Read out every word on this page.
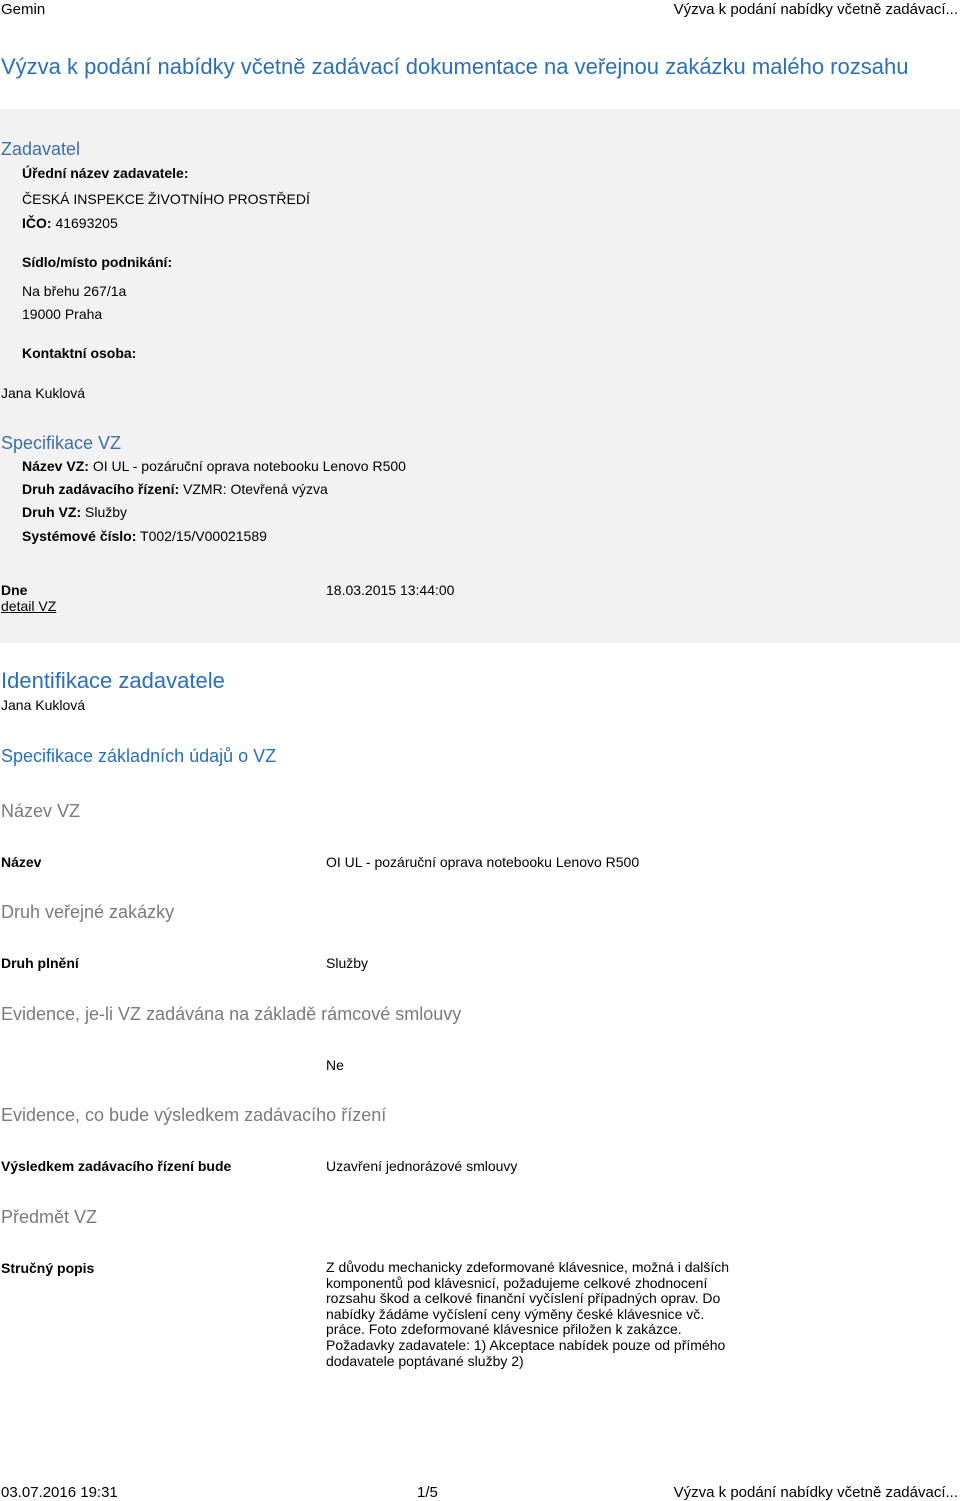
Gemin	Výzva k podání nabídky včetně zadávací...
Výzva k podání nabídky včetně zadávací dokumentace na veřejnou zakázku malého rozsahu
Zadavatel
Úřední název zadavatele:
ČESKÁ INSPEKCE ŽIVOTNÍHO PROSTŘEDÍ
IČO: 41693205
Sídlo/místo podnikání:
Na břehu 267/1a
19000 Praha
Kontaktní osoba:
Jana Kuklová
Specifikace VZ
Název VZ: OI UL - pozáruční oprava notebooku Lenovo R500
Druh zadávacího řízení: VZMR: Otevřená výzva
Druh VZ: Služby
Systémové číslo: T002/15/V00021589
Dne	18.03.2015 13:44:00
detail VZ
Identifikace zadavatele
Jana Kuklová
Specifikace základních údajů o VZ
Název VZ
Název	OI UL - pozáruční oprava notebooku Lenovo R500
Druh veřejné zakázky
Druh plnění	Služby
Evidence, je-li VZ zadávána na základě rámcové smlouvy
Ne
Evidence, co bude výsledkem zadávacího řízení
Výsledkem zadávacího řízení bude	Uzavření jednorázové smlouvy
Předmět VZ
Stručný popis	Z důvodu mechanicky zdeformované klávesnice, možná i dalších komponentů pod klávesnicí, požadujeme celkové zhodnocení rozsahu škod a celkové finanční vyčíslení případných oprav. Do nabídky žádáme vyčíslení ceny výměny české klávesnice vč. práce. Foto zdeformované klávesnice přiložen k zakázce. Požadavky zadavatele: 1) Akceptace nabídek pouze od přímého dodavatele poptávané služby 2)
03.07.2016 19:31	1/5	Výzva k podání nabídky včetně zadávací...
